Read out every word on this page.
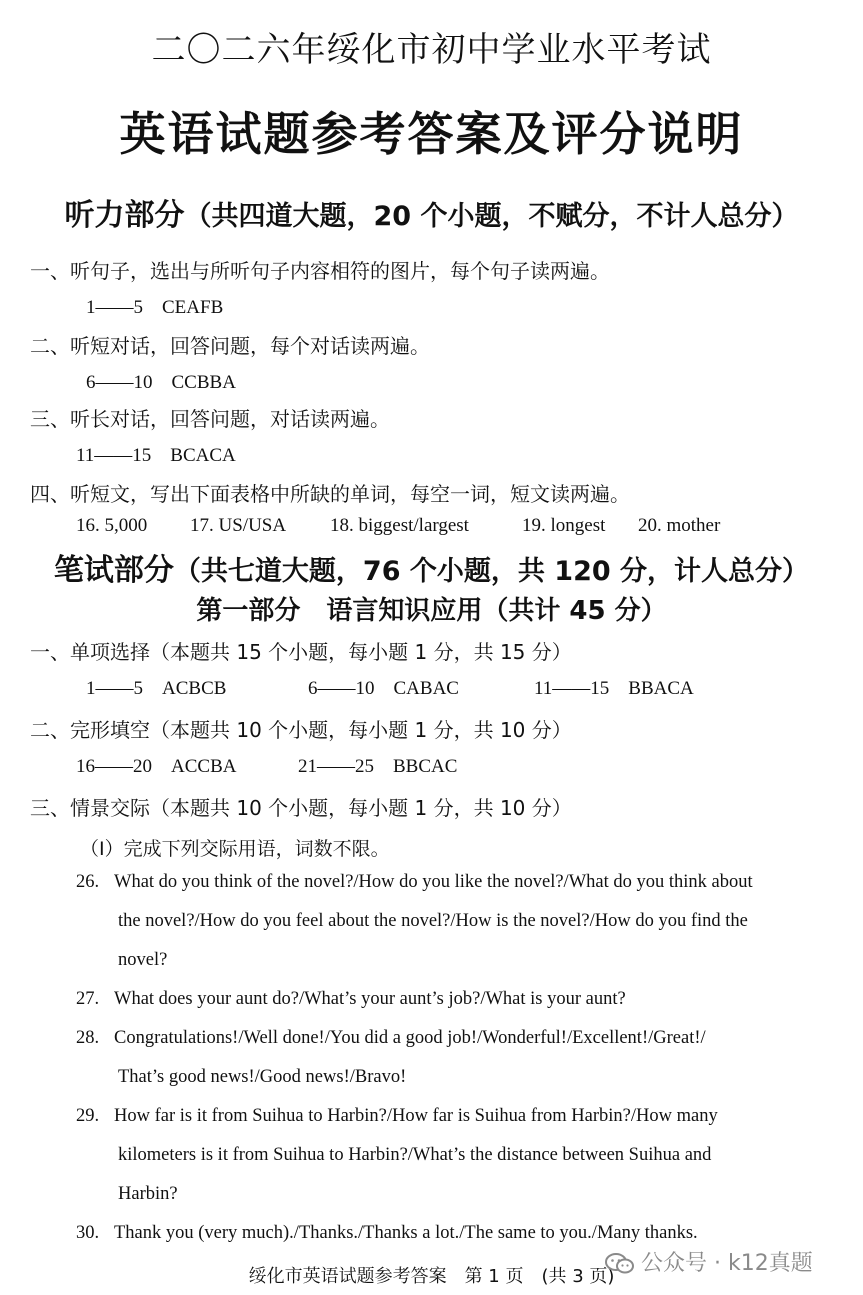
二〇二六年绥化市初中学业水平考试
英语试题参考答案及评分说明
听力部分（共四道大题，20 个小题，不赋分，不计人总分）
一、听句子，选出与所听句子内容相符的图片，每个句子读两遍。
1——5　CEAFB
二、听短对话，回答问题，每个对话读两遍。
6——10　CCBBA
三、听长对话，回答问题，对话读两遍。
11——15　BCACA
四、听短文，写出下面表格中所缺的单词，每空一词，短文读两遍。
16. 5,000 17. US/USA 18. biggest/largest	19. longest 20. mother
笔试部分（共七道大题，76 个小题，共 120 分，计人总分）
第一部分　语言知识应用（共计 45 分）
一、单项选择（本题共 15 个小题，每小题 1 分，共 15 分）
1——5　ACBCB	6——10　CABAC	11——15　BBACA
二、完形填空（本题共 10 个小题，每小题 1 分，共 10 分）
16——20　ACCBA	21——25　BBCAC
三、情景交际（本题共 10 个小题，每小题 1 分，共 10 分）
（Ⅰ）完成下列交际用语，词数不限。
26. What do you think of the novel?/How do you like the novel?/What do you think about
the novel?/How do you feel about the novel?/How is the novel?/How do you find the
novel?
27. What does your aunt do?/What’s your aunt’s job?/What is your aunt?
28. Congratulations!/Well done!/You did a good job!/Wonderful!/Excellent!/Great!/
That’s good news!/Good news!/Bravo!
29. How far is it from Suihua to Harbin?/How far is Suihua from Harbin?/How many
kilometers is it from Suihua to Harbin?/What’s the distance between Suihua and
Harbin?
30. Thank you (very much)./Thanks./Thanks a lot./The same to you./Many thanks.
绥化市英语试题参考答案　第 1 页　(共 3 页)
公众号 · k12真题
